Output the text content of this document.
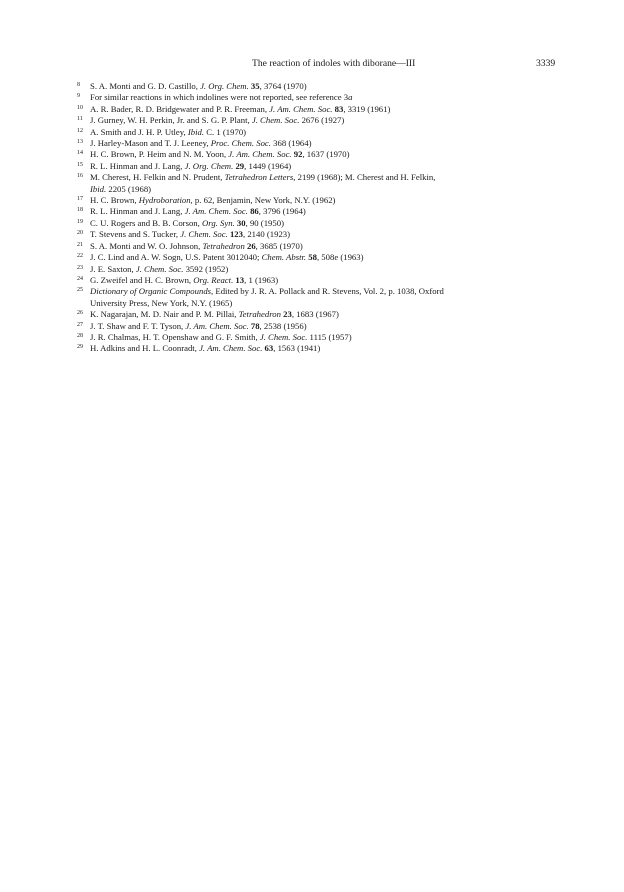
The reaction of indoles with diborane—III	3339
8 S. A. Monti and G. D. Castillo, J. Org. Chem. 35, 3764 (1970)
9 For similar reactions in which indolines were not reported, see reference 3a
10 A. R. Bader, R. D. Bridgewater and P. R. Freeman, J. Am. Chem. Soc. 83, 3319 (1961)
11 J. Gurney, W. H. Perkin, Jr. and S. G. P. Plant, J. Chem. Soc. 2676 (1927)
12 A. Smith and J. H. P. Utley, Ibid. C. 1 (1970)
13 J. Harley-Mason and T. J. Leeney, Proc. Chem. Soc. 368 (1964)
14 H. C. Brown, P. Heim and N. M. Yoon, J. Am. Chem. Soc. 92, 1637 (1970)
15 R. L. Hinman and J. Lang, J. Org. Chem. 29, 1449 (1964)
16 M. Cherest, H. Felkin and N. Prudent, Tetrahedron Letters, 2199 (1968); M. Cherest and H. Felkin,
Ibid. 2205 (1968)
17 H. C. Brown, Hydroboration, p. 62, Benjamin, New York, N.Y. (1962)
18 R. L. Hinman and J. Lang, J. Am. Chem. Soc. 86, 3796 (1964)
19 C. U. Rogers and B. B. Corson, Org. Syn. 30, 90 (1950)
20 T. Stevens and S. Tucker, J. Chem. Soc. 123, 2140 (1923)
21 S. A. Monti and W. O. Johnson, Tetrahedron 26, 3685 (1970)
22 J. C. Lind and A. W. Sogn, U.S. Patent 3012040; Chem. Abstr. 58, 508e (1963)
23 J. E. Saxton, J. Chem. Soc. 3592 (1952)
24 G. Zweifel and H. C. Brown, Org. React. 13, 1 (1963)
25 Dictionary of Organic Compounds, Edited by J. R. A. Pollack and R. Stevens, Vol. 2, p. 1038, Oxford
University Press, New York, N.Y. (1965)
26 K. Nagarajan, M. D. Nair and P. M. Pillai, Tetrahedron 23, 1683 (1967)
27 J. T. Shaw and F. T. Tyson, J. Am. Chem. Soc. 78, 2538 (1956)
28 J. R. Chalmas, H. T. Openshaw and G. F. Smith, J. Chem. Soc. 1115 (1957)
29 H. Adkins and H. L. Coonradt, J. Am. Chem. Soc. 63, 1563 (1941)
